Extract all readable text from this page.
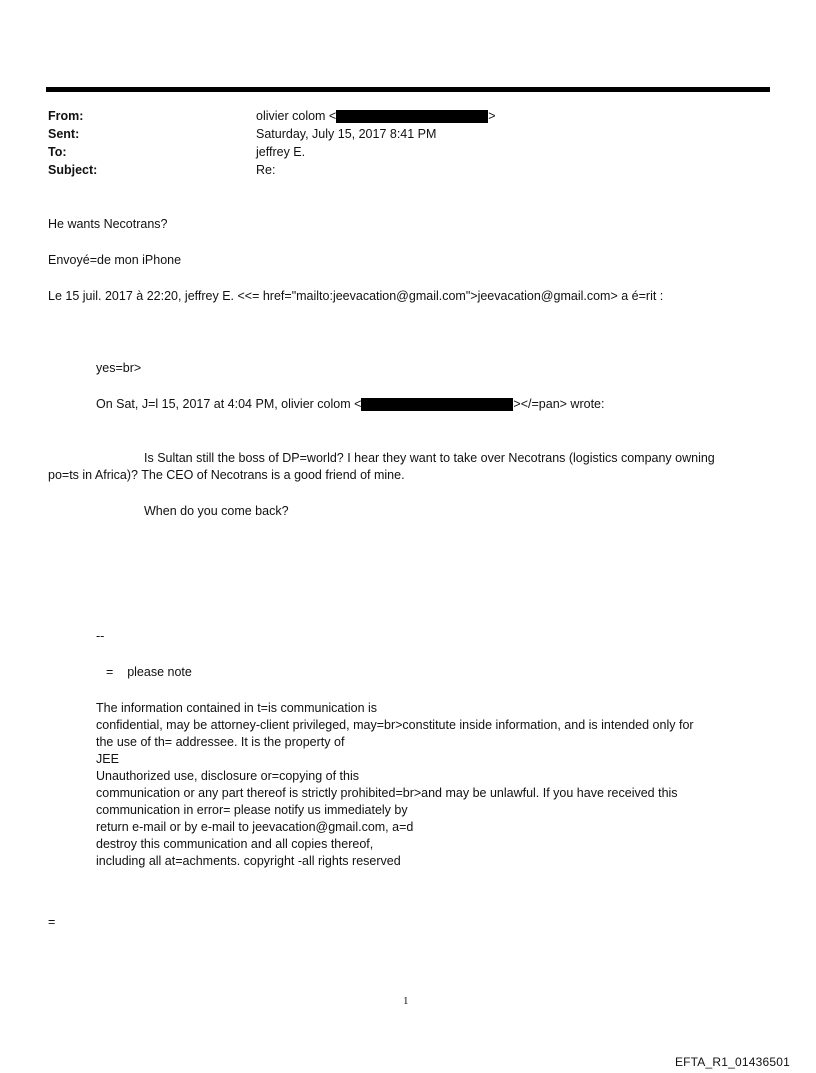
From:	olivier colom <	>
Sent:	Saturday, July 15, 2017 8:41 PM
To:	jeffrey E.
Subject:	Re:
He wants Necotrans?
Envoyé=de mon iPhone
Le 15 juil. 2017 à 22:20, jeffrey E. <<= href="mailto:jeevacation@gmail.com">jeevacation@gmail.com> a é=rit :
yes=br>
On Sat, J=l 15, 2017 at 4:04 PM, olivier colom <	></=pan> wrote:
Is Sultan still the boss of DP=world? I hear they want to take over Necotrans (logistics company owning
po=ts in Africa)? The CEO of Necotrans is a good friend of mine.
When do you come back?
--
=    please note
The information contained in t=is communication is
confidential, may be attorney-client privileged, may=br>constitute inside information, and is intended only for
the use of th= addressee. It is the property of
JEE
Unauthorized use, disclosure or=copying of this
communication or any part thereof is strictly prohibited=br>and may be unlawful. If you have received this
communication in error= please notify us immediately by
return e-mail or by e-mail to jeevacation@gmail.com, a=d
destroy this communication and all copies thereof,
including all at=achments. copyright -all rights reserved
=
1
EFTA_R1_01436501
